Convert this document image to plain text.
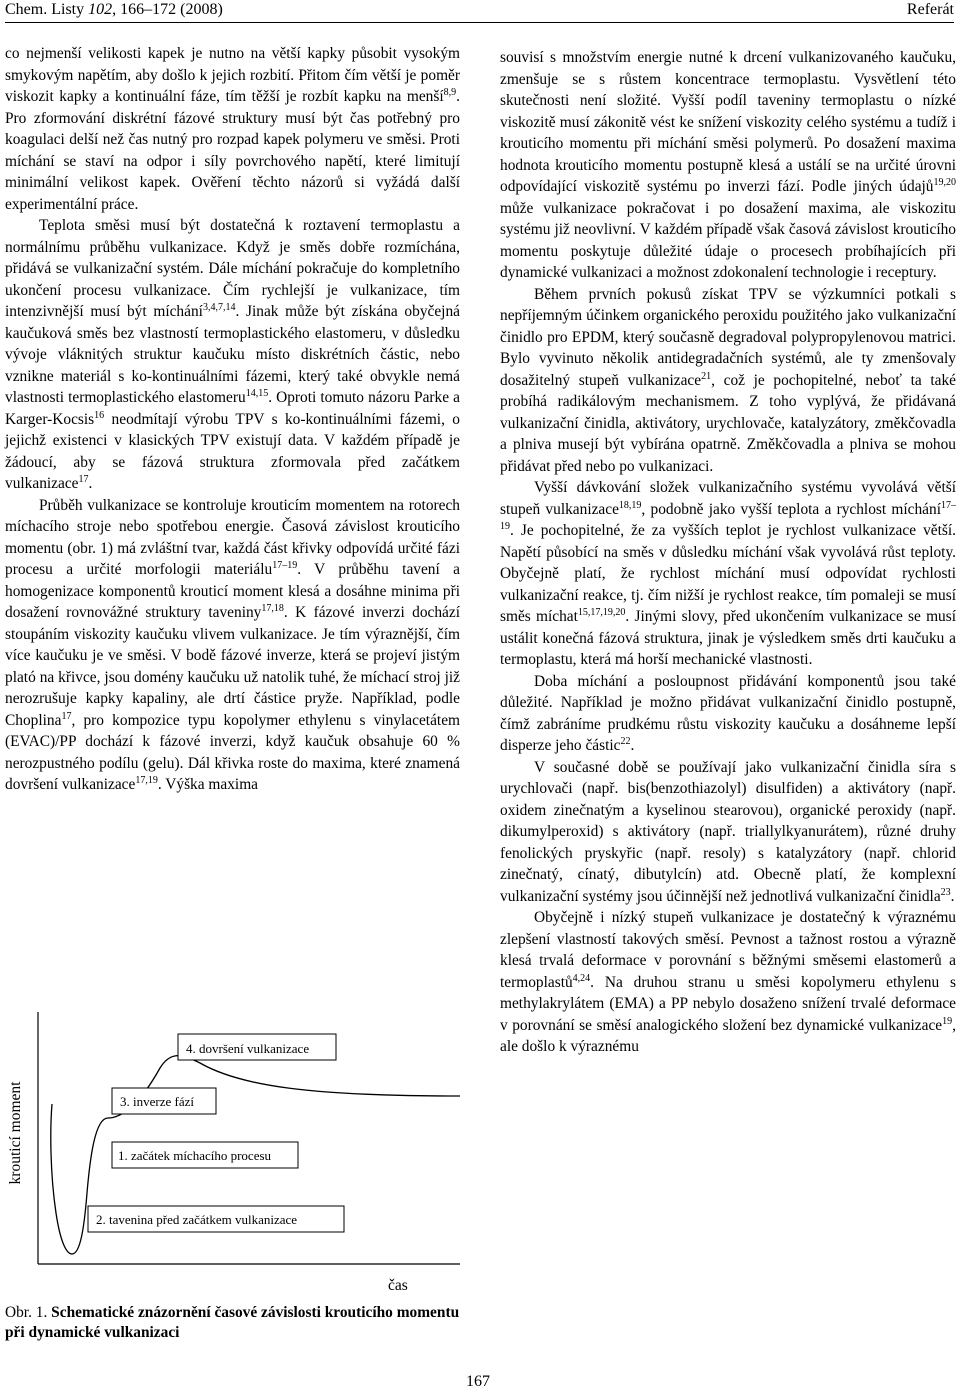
Chem. Listy 102, 166–172 (2008)	Referát

co nejmenší velikosti kapek je nutno na větší kapky působit vysokým smykovým napětím, aby došlo k jejich rozbití. Přitom čím větší je poměr viskozit kapky a kontinuální fáze, tím těžší je rozbít kapku na menší$^{8,9}$. Pro zformování diskrétní fázové struktury musí být čas potřebný pro koagulaci delší než čas nutný pro rozpad kapek polymeru ve směsi. Proti míchání se staví na odpor i síly povrchového napětí, které limitují minimální velikost kapek. Ověření těchto názorů si vyžádá další experimentální práce.

Teplota směsi musí být dostatečná k roztavení termoplastu a normálnímu průběhu vulkanizace. Když je směs dobře rozmíchána, přidává se vulkanizační systém. Dále míchání pokračuje do kompletního ukončení procesu vulkanizace. Čím rychlejší je vulkanizace, tím intenzivnější musí být míchání$^{3,4,7,14}$. Jinak může být získána obyčejná kaučuková směs bez vlastností termoplastického elastomeru, v důsledku vývoje vláknitých struktur kaučuku místo diskrétních částic, nebo vznikne materiál s ko-kontinuálními fázemi, který také obvykle nemá vlastnosti termoplastického elastomeru$^{14,15}$. Oproti tomuto názoru Parke a Karger-Kocsis$^{16}$ neodmítají výrobu TPV s ko-kontinuálními fázemi, o jejichž existenci v klasických TPV existují data. V každém případě je žádoucí, aby se fázová struktura zformovala před začátkem vulkanizace$^{17}$.

Průběh vulkanizace se kontroluje krouticím momentem na rotorech míchacího stroje nebo spotřebou energie. Časová závislost krouticího momentu (obr. 1) má zvláštní tvar, každá část křivky odpovídá určité fázi procesu a určité morfologii materiálu$^{17-19}$. V průběhu tavení a homogenizace komponentů krouticí moment klesá a dosáhne minima při dosažení rovnovážné struktury taveniny$^{17,18}$. K fázové inverzi dochází stoupáním viskozity kaučuku vlivem vulkanizace. Je tím výraznější, čím více kaučuku je ve směsi. V bodě fázové inverze, která se projeví jistým plató na křivce, jsou domény kaučuku už natolik tuhé, že míchací stroj již nerozrušuje kapky kapaliny, ale drtí částice pryže. Například, podle Choplina$^{17}$, pro kompozice typu kopolymer ethylenu s vinylacetátem (EVAC)/PP dochází k fázové inverzi, když kaučuk obsahuje 60 % nerozpustného podílu (gelu). Dál křivka roste do maxima, které znamená dovršení vulkanizace$^{17,19}$. Výška maxima

souvisí s množstvím energie nutné k drcení vulkanizovaného kaučuku, zmenšuje se s růstem koncentrace termoplastu. Vysvětlení této skutečnosti není složité. Vyšší podíl taveniny termoplastu o nízké viskozitě musí zákonitě vést ke snížení viskozity celého systému a tudíž i krouticího momentu při míchání směsi polymerů. Po dosažení maxima hodnota krouticího momentu postupně klesá a ustálí se na určité úrovni odpovídající viskozitě systému po inverzi fází. Podle jiných údajů$^{19,20}$ může vulkanizace pokračovat i po dosažení maxima, ale viskozitu systému již neovlivní. V každém případě však časová závislost krouticího momentu poskytuje důležité údaje o procesech probíhajících při dynamické vulkanizaci a možnost zdokonalení technologie i receptury.

Během prvních pokusů získat TPV se výzkumníci potkali s nepříjemným účinkem organického peroxidu použitého jako vulkanizační činidlo pro EPDM, který současně degradoval polypropylenovou matrici. Bylo vyvinuto několik antidegradačních systémů, ale ty zmenšovaly dosažitelný stupeň vulkanizace$^{21}$, což je pochopitelné, neboť ta také probíhá radikálovým mechanismem. Z toho vyplývá, že přidávaná vulkanizační činidla, aktivátory, urychlovače, katalyzátory, změkčovadla a plniva musejí být vybírána opatrně. Změkčovadla a plniva se mohou přidávat před nebo po vulkanizaci.

Vyšší dávkování složek vulkanizačního systému vyvolává větší stupeň vulkanizace$^{18,19}$, podobně jako vyšší teplota a rychlost míchání$^{17-19}$. Je pochopitelné, že za vyšších teplot je rychlost vulkanizace větší. Napětí působící na směs v důsledku míchání však vyvolává růst teploty. Obyčejně platí, že rychlost míchání musí odpovídat rychlosti vulkanizační reakce, tj. čím nižší je rychlost reakce, tím pomaleji se musí směs míchat$^{15,17,19,20}$. Jinými slovy, před ukončením vulkanizace se musí ustálit konečná fázová struktura, jinak je výsledkem směs drti kaučuku a termoplastu, která má horší mechanické vlastnosti.

Doba míchání a posloupnost přidávání komponentů jsou také důležité. Například je možno přidávat vulkanizační činidlo postupně, čímž zabráníme prudkému růstu viskozity kaučuku a dosáhneme lepší disperze jeho částic$^{22}$.

V současné době se používají jako vulkanizační činidla síra s urychlovači (např. bis(benzothiazolyl) disulfiden) a aktivátory (např. oxidem zinečnatým a kyselinou stearovou), organické peroxidy (např. dikumylperoxid) s aktivátory (např. triallylkyanurátem), různé druhy fenolických pryskyřic (např. resoly) s katalyzátory (např. chlorid zinečnatý, cínatý, dibutylcín) atd. Obecně platí, že komplexní vulkanizační systémy jsou účinnější než jednotlivá vulkanizační činidla$^{23}$.

Obyčejně i nízký stupeň vulkanizace je dostatečný k výraznému zlepšení vlastností takových směsí. Pevnost a tažnost rostou a výrazně klesá trvalá deformace v porovnání s běžnými směsemi elastomerů a termoplastů$^{4,24}$. Na druhou stranu u směsi kopolymeru ethylenu s methylakrylátem (EMA) a PP nebylo dosaženo snížení trvalé deformace v porovnání se směsí analogického složení bez dynamické vulkanizace$^{19}$, ale došlo k výraznému

krouticí moment
4. dovršení vulkanizace
3. inverze fází
1. začátek míchacího procesu
2. tavenina před začátkem vulkanizace
čas
Obr. 1. Schematické znázornění časové závislosti krouticího momentu při dynamické vulkanizaci
167
